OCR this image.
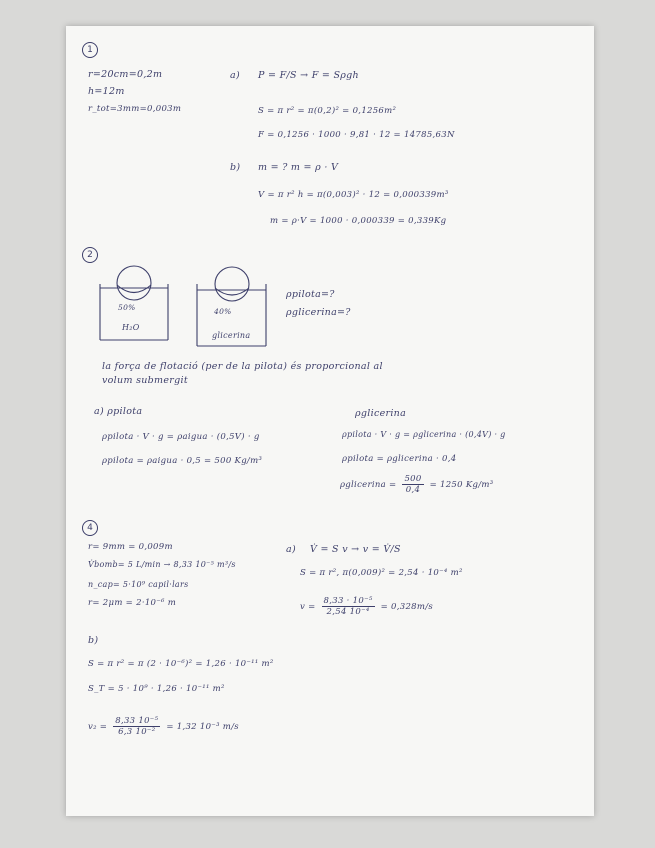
1
r=20cm=0,2m
h=12m
r_tot=3mm=0,003m
a) P = F/S → F = Sρgh
S = π r² = π(0,2)² = 0,1256m²
F = 0,1256 · 1000 · 9,81 · 12 = 14785,63N
b) m = ? m = ρ · V
V = π r² h = π(0,003)² · 12 = 0,000339m³
m = ρ·V = 1000 · 0,000339 = 0,339Kg
2
50%
H₂O
40%
glicerina
ρpilota=?
ρglicerina=?
la força de flotació (per de la pilota) és proporcional al
volum submergit
a) ρpilota	ρglicerina
ρpilota · V · g = ρaigua · (0,5V) · g
ρpilota = ρaigua · 0,5 = 500 Kg/m³
ρpilota · V · g = ρglicerina · (0,4V) · g
ρpilota = ρglicerina · 0,4
ρglicerina = $\frac{500}{0,4} = 1250$ Kg/m³
4
r= 9mm = 0,009m
V̇bomb= 5 L/min → 8,33 10⁻⁵ m³/s
n_cap= 5·10⁹ capil·lars
r= 2μm = 2·10⁻⁶ m
a) V̇ = S v → v = V̇/S
S = π r², π(0,009)² = 2,54 · 10⁻⁴ m²
$v = \frac{\text{8,33 · 10⁻⁵}}{\text{2,54 10⁻⁴}} = 0,328m/s$
b)
S = π r² = π (2 · 10⁻⁶)² = 1,26 · 10⁻¹¹ m²
S_T = 5 · 10⁹ · 1,26 · 10⁻¹¹ m²
$v_2 = \frac{\text{8,33 10⁻⁵}}{\text{6,3 10⁻²}} = 1,32$ 10⁻³ m/s
